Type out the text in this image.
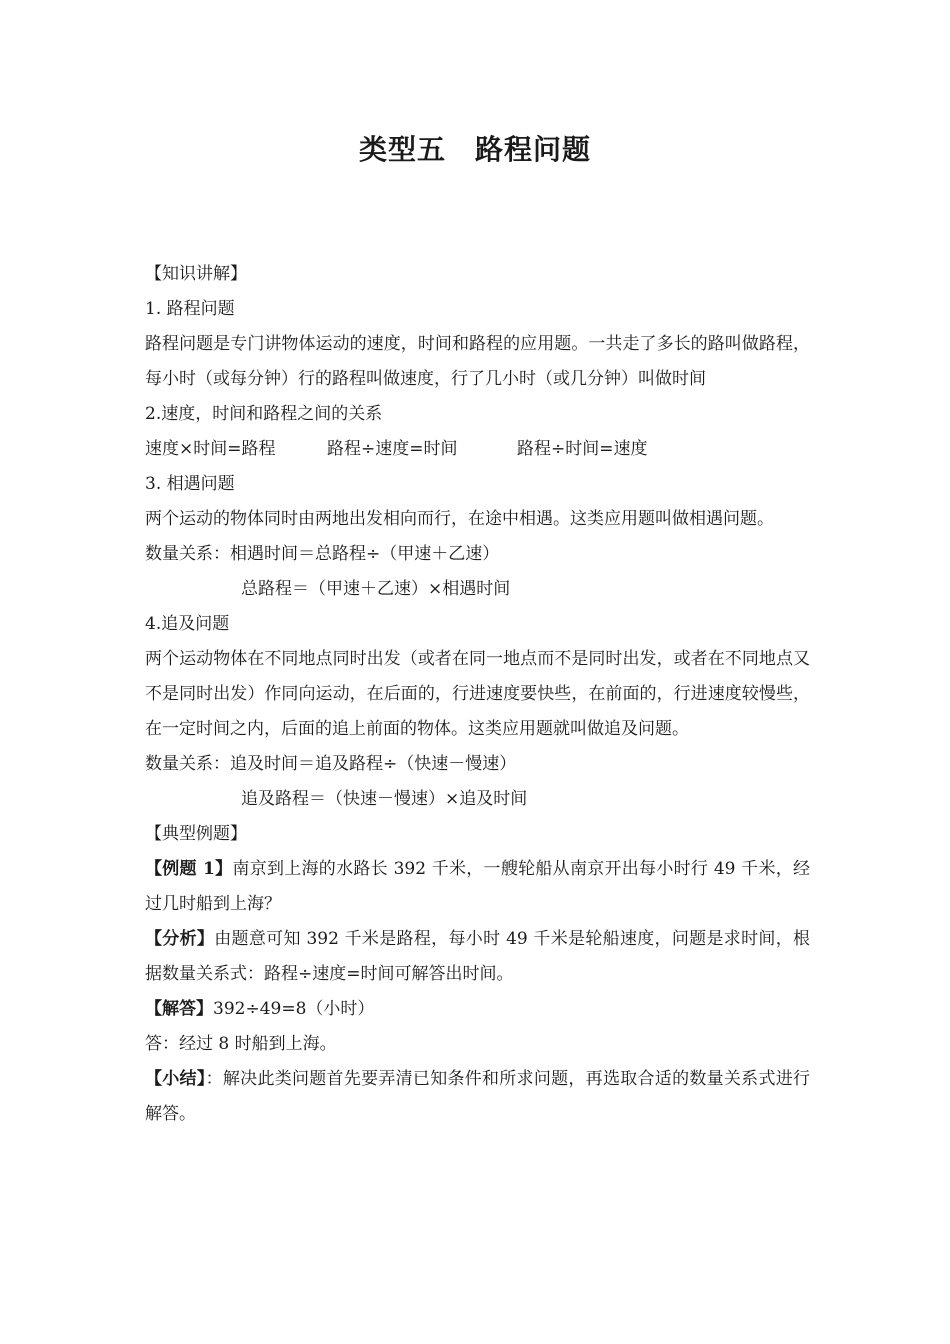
类型五　路程问题
【知识讲解】
1. 路程问题
路程问题是专门讲物体运动的速度，时间和路程的应用题。一共走了多长的路叫做路程，每小时（或每分钟）行的路程叫做速度，行了几小时（或几分钟）叫做时间
2.速度，时间和路程之间的关系
速度×时间=路程	路程÷速度=时间	路程÷时间=速度
3. 相遇问题
两个运动的物体同时由两地出发相向而行，在途中相遇。这类应用题叫做相遇问题。
数量关系：相遇时间＝总路程÷（甲速＋乙速）
总路程＝（甲速＋乙速）×相遇时间
4.追及问题
两个运动物体在不同地点同时出发（或者在同一地点而不是同时出发，或者在不同地点又不是同时出发）作同向运动，在后面的，行进速度要快些，在前面的，行进速度较慢些，在一定时间之内，后面的追上前面的物体。这类应用题就叫做追及问题。
数量关系：追及时间＝追及路程÷（快速－慢速）
追及路程＝（快速－慢速）×追及时间
【典型例题】
【例题 1】南京到上海的水路长 392 千米，一艘轮船从南京开出每小时行 49 千米，经过几时船到上海？
【分析】由题意可知 392 千米是路程，每小时 49 千米是轮船速度，问题是求时间，根据数量关系式：路程÷速度=时间可解答出时间。
【解答】392÷49=8（小时）
答：经过 8 时船到上海。
【小结】：解决此类问题首先要弄清已知条件和所求问题，再选取合适的数量关系式进行解答。
